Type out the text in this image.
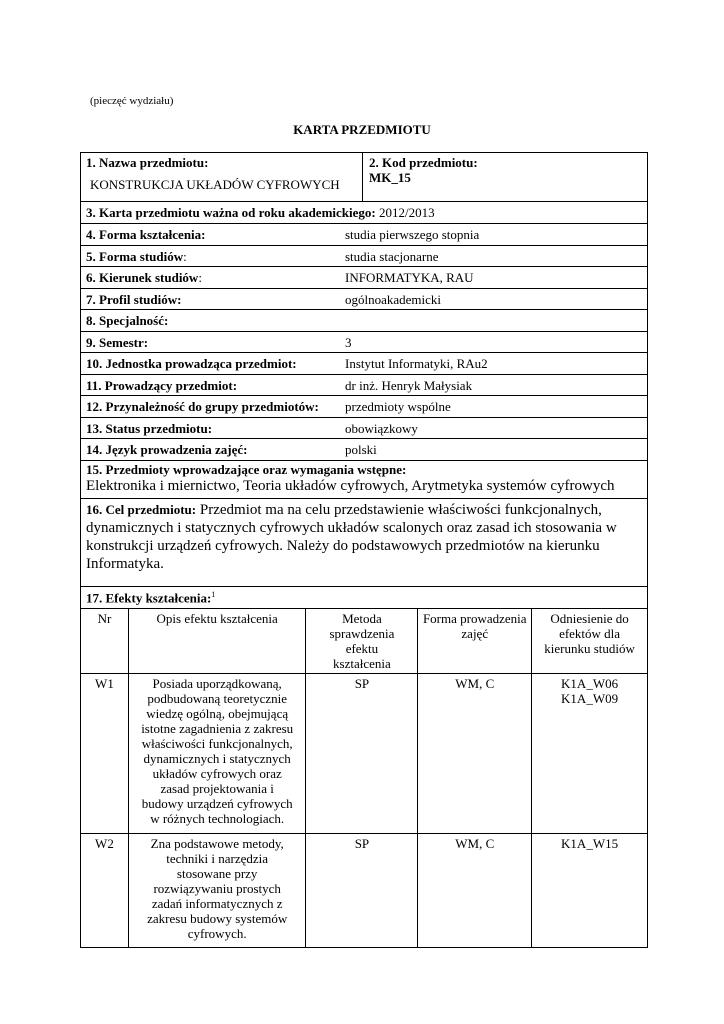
(pieczęć wydziału)
KARTA PRZEDMIOTU
1. Nazwa przedmiotu:
KONSTRUKCJA UKŁADÓW CYFROWYCH
2. Kod przedmiotu:
MK_15
3. Karta przedmiotu ważna od roku akademickiego: 2012/2013
4. Forma kształcenia:	studia pierwszego stopnia
5. Forma studiów:	studia stacjonarne
6. Kierunek studiów:	INFORMATYKA, RAU
7. Profil studiów:	ogólnoakademicki
8. Specjalność:
9. Semestr:	3
10. Jednostka prowadząca przedmiot:	Instytut Informatyki, RAu2
11. Prowadzący przedmiot:	dr inż. Henryk Małysiak
12. Przynależność do grupy przedmiotów: przedmioty wspólne
13. Status przedmiotu:	obowiązkowy
14. Język prowadzenia zajęć:	polski
15. Przedmioty wprowadzające oraz wymagania wstępne:
Elektronika i miernictwo, Teoria układów cyfrowych, Arytmetyka systemów cyfrowych
16. Cel przedmiotu: Przedmiot ma na celu przedstawienie właściwości funkcjonalnych, dynamicznych i statycznych cyfrowych układów scalonych oraz zasad ich stosowania w konstrukcji urządzeń cyfrowych. Należy do podstawowych przedmiotów na kierunku Informatyka.
17. Efekty kształcenia:$^1$
Nr	Opis efektu kształcenia	Metoda sprawdzenia efektu kształcenia	Forma prowadzenia zajęć	Odniesienie do efektów dla kierunku studiów
W1	Posiada uporządkowaną, podbudowaną teoretycznie wiedzę ogólną, obejmującą istotne zagadnienia z zakresu właściwości funkcjonalnych, dynamicznych i statycznych układów cyfrowych oraz zasad projektowania i budowy urządzeń cyfrowych w różnych technologiach.	SP	WM, C	K1A_W06
K1A_W09

W2	Zna podstawowe metody, techniki i narzędzia stosowane przy rozwiązywaniu prostych zadań informatycznych z zakresu budowy systemów cyfrowych.	SP	WM, C	K1A_W15
